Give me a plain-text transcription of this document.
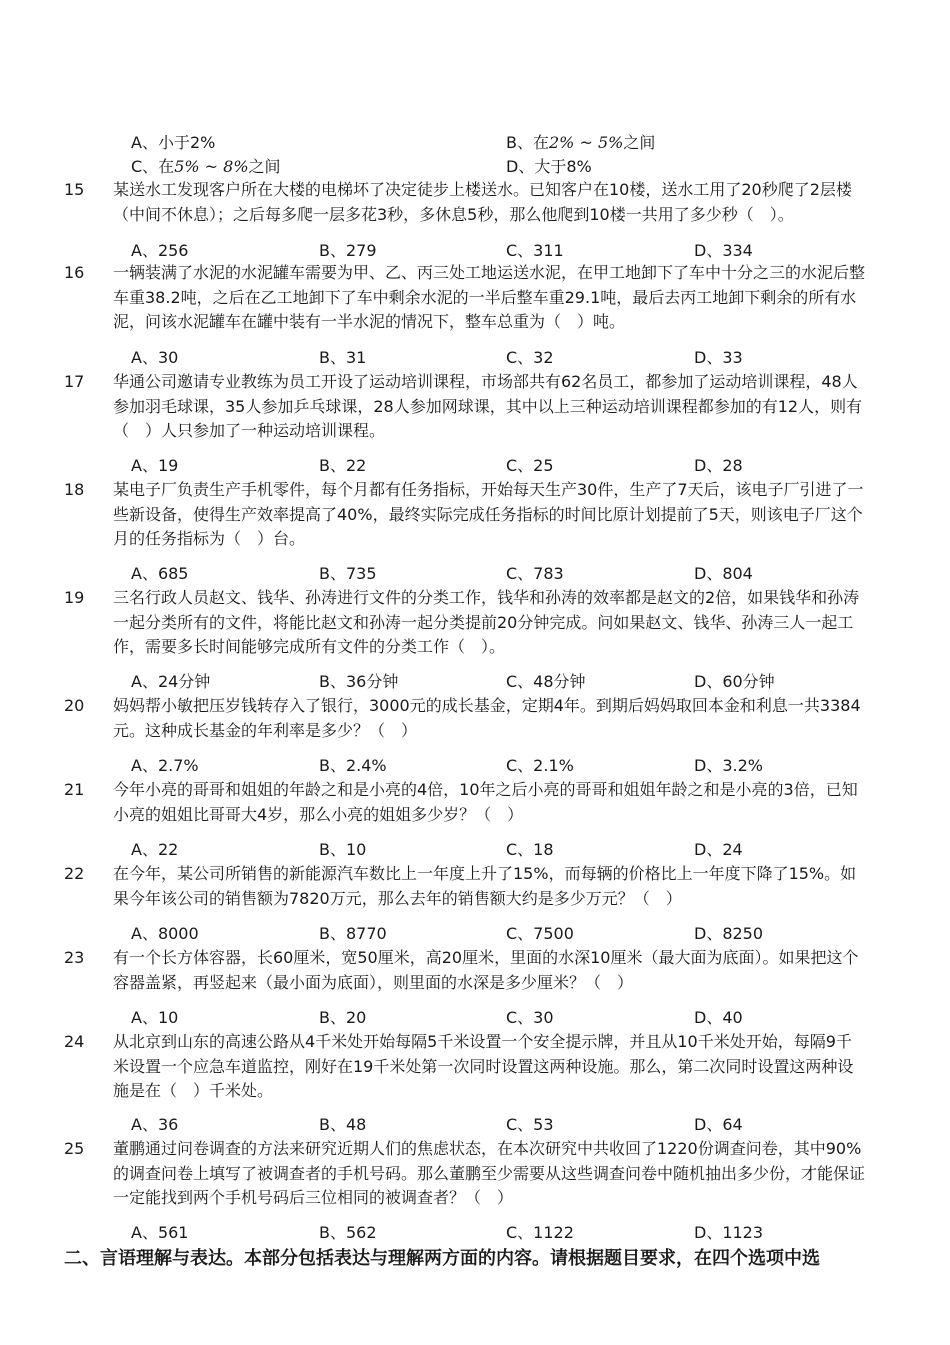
A、小于2%	B、在2% ~ 5%之间
C、在5% ~ 8%之间	D、大于8%
15 某送水工发现客户所在大楼的电梯坏了决定徒步上楼送水。已知客户在10楼，送水工用了20秒爬了2层楼（中间不休息）；之后每多爬一层多花3秒，多休息5秒，那么他爬到10楼一共用了多少秒（　）。
A、256	B、279	C、311	D、334
16 一辆装满了水泥的水泥罐车需要为甲、乙、丙三处工地运送水泥，在甲工地卸下了车中十分之三的水泥后整车重38.2吨，之后在乙工地卸下了车中剩余水泥的一半后整车重29.1吨，最后去丙工地卸下剩余的所有水泥，问该水泥罐车在罐中装有一半水泥的情况下，整车总重为（　）吨。
A、30	B、31	C、32	D、33
17 华通公司邀请专业教练为员工开设了运动培训课程，市场部共有62名员工，都参加了运动培训课程，48人参加羽毛球课，35人参加乒乓球课，28人参加网球课，其中以上三种运动培训课程都参加的有12人，则有（　）人只参加了一种运动培训课程。
A、19	B、22	C、25	D、28
18 某电子厂负责生产手机零件，每个月都有任务指标，开始每天生产30件，生产了7天后，该电子厂引进了一些新设备，使得生产效率提高了40%，最终实际完成任务指标的时间比原计划提前了5天，则该电子厂这个月的任务指标为（　）台。
A、685	B、735	C、783	D、804
19 三名行政人员赵文、钱华、孙涛进行文件的分类工作，钱华和孙涛的效率都是赵文的2倍，如果钱华和孙涛一起分类所有的文件，将能比赵文和孙涛一起分类提前20分钟完成。问如果赵文、钱华、孙涛三人一起工作，需要多长时间能够完成所有文件的分类工作（　）。
A、24分钟	B、36分钟	C、48分钟	D、60分钟
20 妈妈帮小敏把压岁钱转存入了银行，3000元的成长基金，定期4年。到期后妈妈取回本金和利息一共3384元。这种成长基金的年利率是多少？（　）
A、2.7%	B、2.4%	C、2.1%	D、3.2%
21 今年小亮的哥哥和姐姐的年龄之和是小亮的4倍，10年之后小亮的哥哥和姐姐年龄之和是小亮的3倍，已知小亮的姐姐比哥哥大4岁，那么小亮的姐姐多少岁？（　）
A、22	B、10	C、18	D、24
22 在今年，某公司所销售的新能源汽车数比上一年度上升了15%，而每辆的价格比上一年度下降了15%。如果今年该公司的销售额为7820万元，那么去年的销售额大约是多少万元？（　）
A、8000	B、8770	C、7500	D、8250
23 有一个长方体容器，长60厘米，宽50厘米，高20厘米，里面的水深10厘米（最大面为底面）。如果把这个容器盖紧，再竖起来（最小面为底面），则里面的水深是多少厘米？（　）
A、10	B、20	C、30	D、40
24 从北京到山东的高速公路从4千米处开始每隔5千米设置一个安全提示牌，并且从10千米处开始，每隔9千米设置一个应急车道监控，刚好在19千米处第一次同时设置这两种设施。那么，第二次同时设置这两种设施是在（　）千米处。
A、36	B、48	C、53	D、64
25 董鹏通过问卷调查的方法来研究近期人们的焦虑状态，在本次研究中共收回了1220份调查问卷，其中90%的调查问卷上填写了被调查者的手机号码。那么董鹏至少需要从这些调查问卷中随机抽出多少份，才能保证一定能找到两个手机号码后三位相同的被调查者？（　）
A、561	B、562	C、1122	D、1123
二、言语理解与表达。本部分包括表达与理解两方面的内容。请根据题目要求，在四个选项中选
